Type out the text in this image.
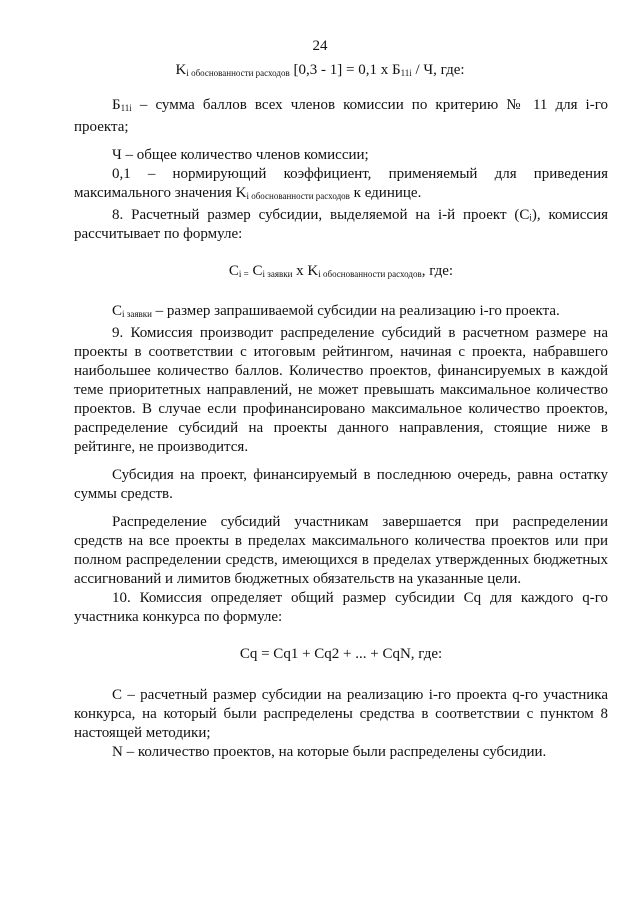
24
$K_{i обоснованности расходов}$ [0,3 - 1] = 0,1 х $Б_{11i}$ / Ч, где:

$Б_{11i}$ – сумма баллов всех членов комиссии по критерию № 11 для i-го проекта;

Ч – общее количество членов комиссии;

0,1 – нормирующий коэффициент, применяемый для приведения максимального значения $K_{i обоснованности расходов}$ к единице.

8. Расчетный размер субсидии, выделяемой на i-й проект (Cᵢ), комиссия рассчитывает по формуле:

$C_{i =}$ $C_{i заявки}$ х $K_{i обоснованности расходов}$, где:

$C_{i заявки}$ – размер запрашиваемой субсидии на реализацию i-го проекта.

9. Комиссия производит распределение субсидий в расчетном размере на проекты в соответствии с итоговым рейтингом, начиная с проекта, набравшего наибольшее количество баллов. Количество проектов, финансируемых в каждой теме приоритетных направлений, не может превышать максимальное количество проектов. В случае если профинансировано максимальное количество проектов, распределение субсидий на проекты данного направления, стоящие ниже в рейтинге, не производится.

Субсидия на проект, финансируемый в последнюю очередь, равна остатку суммы средств.

Распределение субсидий участникам завершается при распределении средств на все проекты в пределах максимального количества проектов или при полном распределении средств, имеющихся в пределах утвержденных бюджетных ассигнований и лимитов бюджетных обязательств на указанные цели.

10. Комиссия определяет общий размер субсидии Cq для каждого q-го участника конкурса по формуле:

Cq = Cq1 + Cq2 + ... + CqN, где:

C – расчетный размер субсидии на реализацию i-го проекта q-го участника конкурса, на который были распределены средства в соответствии с пунктом 8 настоящей методики;

N – количество проектов, на которые были распределены субсидии.
